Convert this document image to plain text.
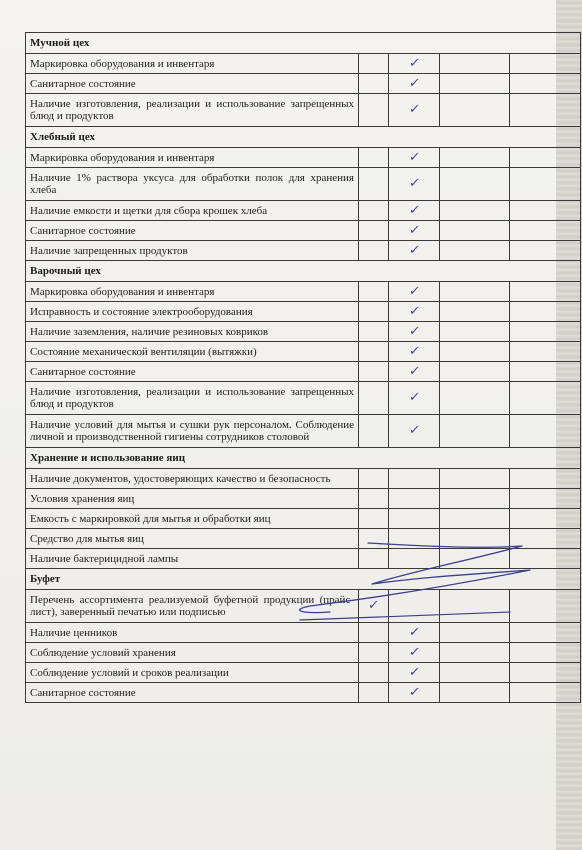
Мучной цех				
Маркировка оборудования и инвентаря		✓		
Санитарное состояние		✓		
Наличие изготовления, реализации и использование запрещенных блюд и продуктов		✓		
Хлебный цех				
Маркировка оборудования и инвентаря		✓		
Наличие 1% раствора уксуса для обработки полок для хранения хлеба		✓		
Наличие емкости и щетки для сбора крошек хлеба		✓		
Санитарное состояние		✓		
Наличие запрещенных продуктов		✓		
Варочный цех				
Маркировка оборудования и инвентаря		✓		
Исправность и состояние электрооборудования		✓		
Наличие заземления, наличие резиновых ковриков		✓		
Состояние механической вентиляции (вытяжки)		✓		
Санитарное состояние		✓		
Наличие изготовления, реализации и использование запрещенных блюд и продуктов		✓		
Наличие условий для мытья и сушки рук персоналом. Соблюдение личной и производственной гигиены сотрудников столовой		✓		
Хранение и использование яиц				
Наличие документов, удостоверяющих качество и безопасность				
Условия хранения яиц				
Емкость с маркировкой для мытья и обработки яиц				
Средство для мытья яиц				
Наличие бактерицидной лампы				
Буфет				
Перечень ассортимента реализуемой буфетной продукции (прайс-лист), заверенный печатью или подписью	✓			
Наличие ценников		✓		
Соблюдение условий хранения		✓		
Соблюдение условий и сроков реализации		✓		
Санитарное состояние		✓		
